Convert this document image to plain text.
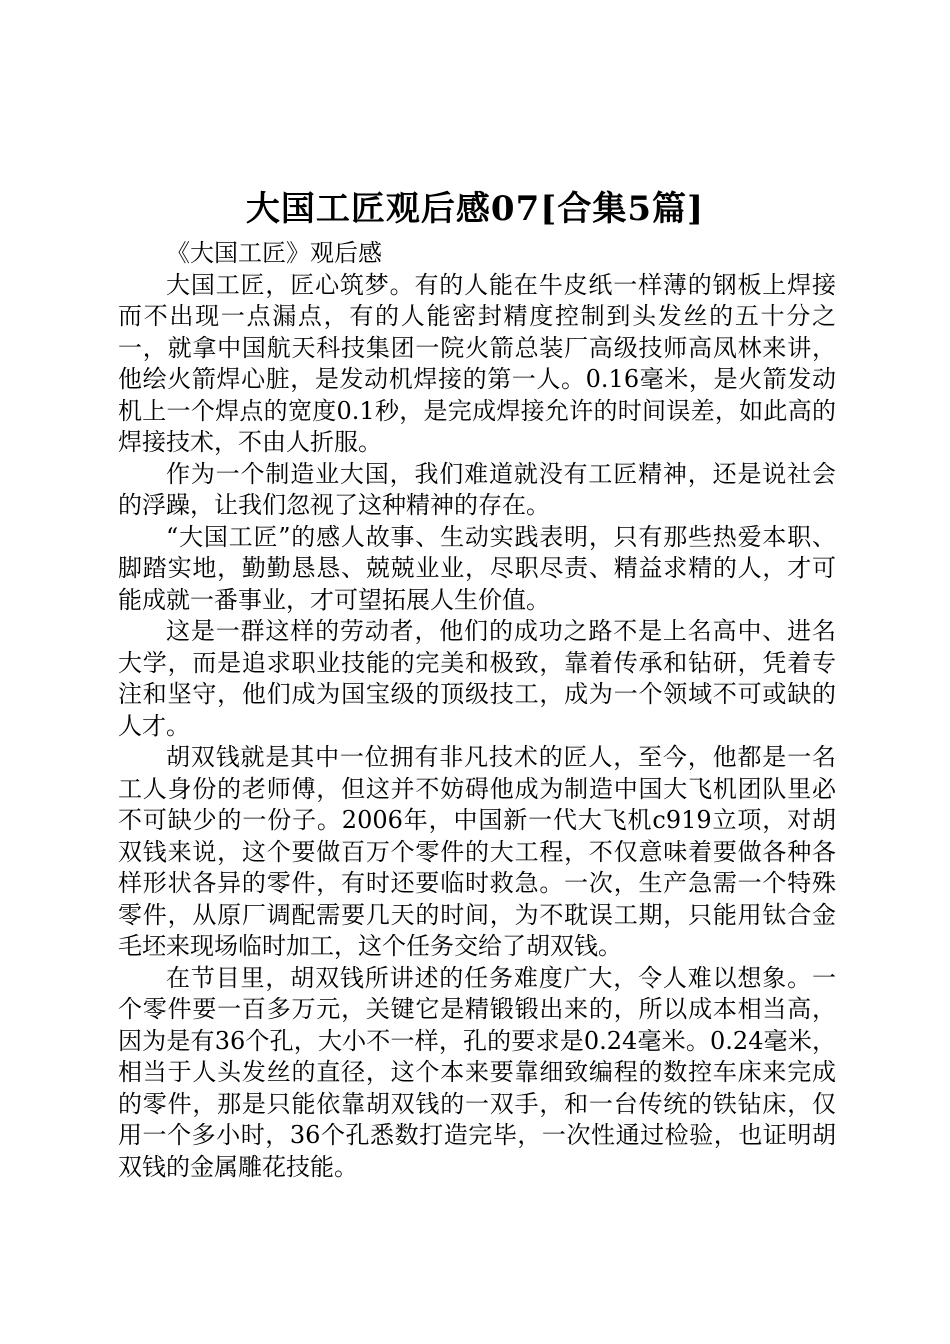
大国工匠观后感07[合集5篇]

《大国工匠》观后感

大国工匠，匠心筑梦。有的人能在牛皮纸一样薄的钢板上焊接而不出现一点漏点，有的人能密封精度控制到头发丝的五十分之一，就拿中国航天科技集团一院火箭总装厂高级技师高凤林来讲，他绘火箭焊心脏，是发动机焊接的第一人。0.16毫米，是火箭发动机上一个焊点的宽度0.1秒，是完成焊接允许的时间误差，如此高的焊接技术，不由人折服。

作为一个制造业大国，我们难道就没有工匠精神，还是说社会的浮躁，让我们忽视了这种精神的存在。

“大国工匠”的感人故事、生动实践表明，只有那些热爱本职、脚踏实地，勤勤恳恳、兢兢业业，尽职尽责、精益求精的人，才可能成就一番事业，才可望拓展人生价值。

这是一群这样的劳动者，他们的成功之路不是上名高中、进名大学，而是追求职业技能的完美和极致，靠着传承和钻研，凭着专注和坚守，他们成为国宝级的顶级技工，成为一个领域不可或缺的人才。

胡双钱就是其中一位拥有非凡技术的匠人，至今，他都是一名工人身份的老师傅，但这并不妨碍他成为制造中国大飞机团队里必不可缺少的一份子。2006年，中国新一代大飞机c919立项，对胡双钱来说，这个要做百万个零件的大工程，不仅意味着要做各种各样形状各异的零件，有时还要临时救急。一次，生产急需一个特殊零件，从原厂调配需要几天的时间，为不耽误工期，只能用钛合金毛坯来现场临时加工，这个任务交给了胡双钱。

在节目里，胡双钱所讲述的任务难度广大，令人难以想象。一个零件要一百多万元，关键它是精锻锻出来的，所以成本相当高，因为是有36个孔，大小不一样，孔的要求是0.24毫米。0.24毫米，相当于人头发丝的直径，这个本来要靠细致编程的数控车床来完成的零件，那是只能依靠胡双钱的一双手，和一台传统的铁钻床，仅用一个多小时，36个孔悉数打造完毕，一次性通过检验，也证明胡双钱的金属雕花技能。
